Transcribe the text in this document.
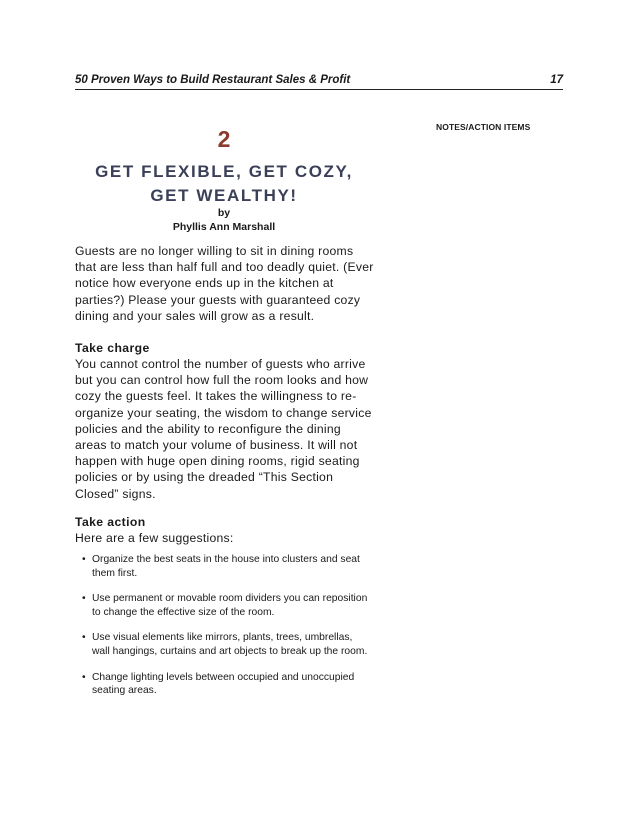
50 Proven Ways to Build Restaurant Sales & Profit	17
NOTES/ACTION ITEMS
2
GET FLEXIBLE, GET COZY,
GET WEALTHY!
by
Phyllis Ann Marshall

Guests are no longer willing to sit in dining rooms that are less than half full and too deadly quiet. (Ever notice how everyone ends up in the kitchen at parties?) Please your guests with guaranteed cozy dining and your sales will grow as a result.

Take charge

You cannot control the number of guests who arrive but you can control how full the room looks and how cozy the guests feel. It takes the willingness to re-organize your seating, the wisdom to change service policies and the ability to reconfigure the dining areas to match your volume of business. It will not happen with huge open dining rooms, rigid seating policies or by using the dreaded “This Section Closed” signs.

Take action

Here are a few suggestions:

• Organize the best seats in the house into clusters and seat them first.
• Use permanent or movable room dividers you can reposition to change the effective size of the room.
• Use visual elements like mirrors, plants, trees, umbrellas, wall hangings, curtains and art objects to break up the room.
• Change lighting levels between occupied and unoccupied seating areas.
